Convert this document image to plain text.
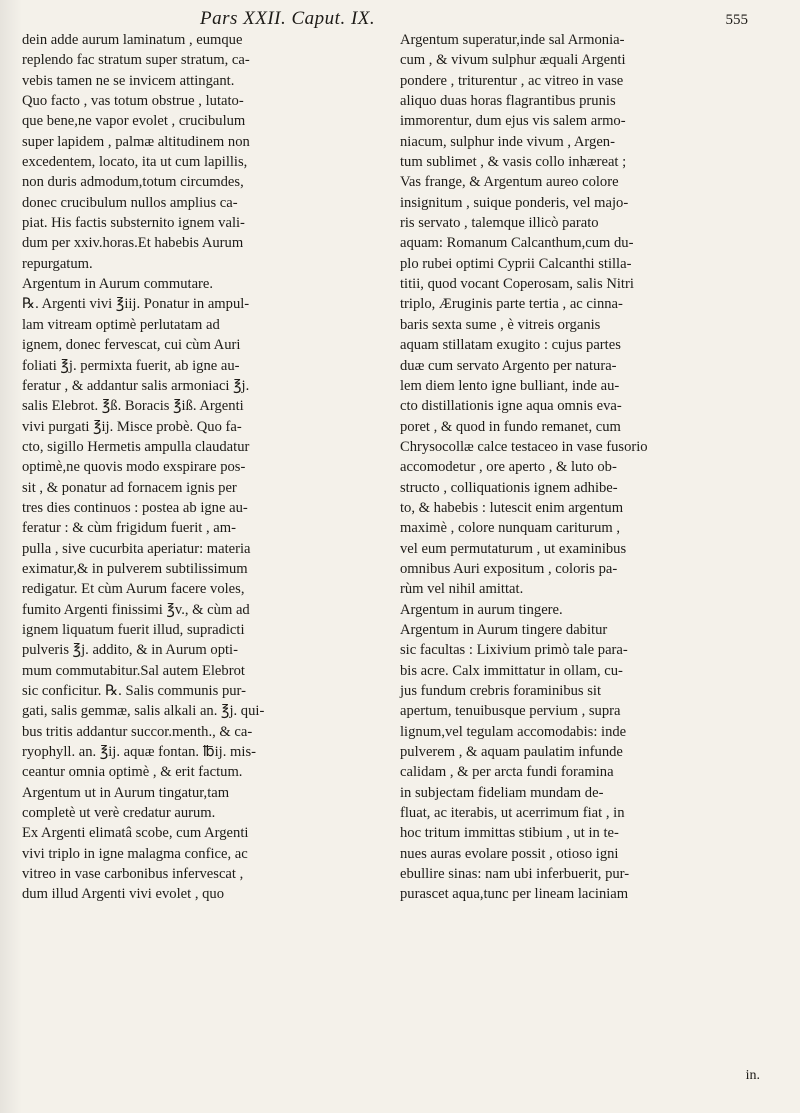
Pars XXII. Caput. IX.	555

dein adde aurum laminatum , eumque

replendo fac stratum super stratum, ca-

vebis tamen ne se invicem attingant.

Quo facto , vas totum obstrue , lutato-

que bene,ne vapor evolet , crucibulum

super lapidem , palmæ altitudinem non

excedentem, locato, ita ut cum lapillis,

non duris admodum,totum circumdes,

donec crucibulum nullos amplius ca-

piat. His factis substernito ignem vali-

dum per xxiv.horas.Et habebis Aurum

repurgatum.

Argentum in Aurum commutare.

℞. Argenti vivi ℥iij. Ponatur in ampul-

lam vitream optimè perlutatam ad

ignem, donec fervescat, cui cùm Auri

foliati ℥j. permixta fuerit, ab igne au-

feratur , & addantur salis armoniaci ℥j.

salis Elebrot. ℥ß. Boracis ℥iß. Argenti

vivi purgati ℥ij. Misce probè. Quo fa-

cto, sigillo Hermetis ampulla claudatur

optimè,ne quovis modo exspirare pos-

sit , & ponatur ad fornacem ignis per

tres dies continuos : postea ab igne au-

feratur : & cùm frigidum fuerit , am-

pulla , sive cucurbita aperiatur: materia

eximatur,& in pulverem subtilissimum

redigatur. Et cùm Aurum facere voles,

fumito Argenti finissimi ℥v., & cùm ad

ignem liquatum fuerit illud, supradicti

pulveris ℥j. addito, & in Aurum opti-

mum commutabitur.Sal autem Elebrot

sic conficitur. ℞. Salis communis pur-

gati, salis gemmæ, salis alkali an. ℥j. qui-

bus tritis addantur succor.menth., & ca-

ryophyll. an. ℥ij. aquæ fontan. ℔ij. mis-

ceantur omnia optimè , & erit factum.

Argentum ut in Aurum tingatur,tam

completè ut verè credatur aurum.

Ex Argenti elimatâ scobe, cum Argenti

vivi triplo in igne malagma confice, ac

vitreo in vase carbonibus infervescat ,

dum illud Argenti vivi evolet , quo

Argentum superatur,inde sal Armonia-

cum , & vivum sulphur æquali Argenti

pondere , triturentur , ac vitreo in vase

aliquo duas horas flagrantibus prunis

immorentur, dum ejus vis salem armo-

niacum, sulphur inde vivum , Argen-

tum sublimet , & vasis collo inhæreat ;

Vas frange, & Argentum aureo colore

insignitum , suique ponderis, vel majo-

ris servato , talemque illicò parato

aquam: Romanum Calcanthum,cum du-

plo rubei optimi Cyprii Calcanthi stilla-

titii, quod vocant Coperosam, salis Nitri

triplo, Æruginis parte tertia , ac cinna-

baris sexta sume , è vitreis organis

aquam stillatam exugito : cujus partes

duæ cum servato Argento per natura-

lem diem lento igne bulliant, inde au-

cto distillationis igne aqua omnis eva-

poret , & quod in fundo remanet, cum

Chrysocollæ calce testaceo in vase fusorio

accomodetur , ore aperto , & luto ob-

structo , colliquationis ignem adhibe-

to, & habebis : lutescit enim argentum

maximè , colore nunquam cariturum ,

vel eum permutaturum , ut examinibus

omnibus Auri expositum , coloris pa-

rùm vel nihil amittat.

Argentum in aurum tingere.

Argentum in Aurum tingere dabitur

sic facultas : Lixivium primò tale para-

bis acre. Calx immittatur in ollam, cu-

jus fundum crebris foraminibus sit

apertum, tenuibusque pervium , supra

lignum,vel tegulam accomodabis: inde

pulverem , & aquam paulatim infunde

calidam , & per arcta fundi foramina

in subjectam fideliam mundam de-

fluat, ac iterabis, ut acerrimum fiat , in

hoc tritum immittas stibium , ut in te-

nues auras evolare possit , otioso igni

ebullire sinas: nam ubi inferbuerit, pur-

purascet aqua,tunc per lineam laciniam

in.
